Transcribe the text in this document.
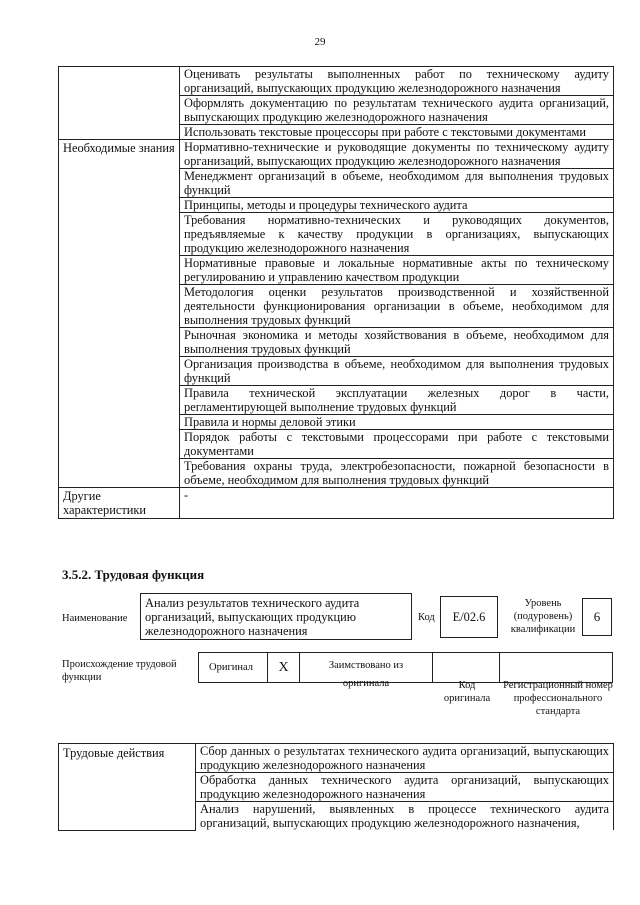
29
	Оценивать результаты выполненных работ по техническому аудиту организаций, выпускающих продукцию железнодорожного назначения
	Оформлять документацию по результатам технического аудита организаций, выпускающих продукцию железнодорожного назначения
	Использовать текстовые процессоры при работе с текстовыми документами
Необходимые знания	Нормативно-технические и руководящие документы по техническому аудиту организаций, выпускающих продукцию железнодорожного назначения
	Менеджмент организаций в объеме, необходимом для выполнения трудовых функций
	Принципы, методы и процедуры технического аудита
	Требования нормативно-технических и руководящих документов, предъявляемые к качеству продукции в организациях, выпускающих продукцию железнодорожного назначения
	Нормативные правовые и локальные нормативные акты по техническому регулированию и управлению качеством продукции
	Методология оценки результатов производственной и хозяйственной деятельности функционирования организации в объеме, необходимом для выполнения трудовых функций
	Рыночная экономика и методы хозяйствования в объеме, необходимом для выполнения трудовых функций
	Организация производства в объеме, необходимом для выполнения трудовых функций
	Правила технической эксплуатации железных дорог в части, регламентирующей выполнение трудовых функций
	Правила и нормы деловой этики
	Порядок работы с текстовыми процессорами при работе с текстовыми документами
	Требования охраны труда, электробезопасности, пожарной безопасности в объеме, необходимом для выполнения трудовых функций
Другие характеристики	-
3.5.2. Трудовая функция
Наименование
Анализ результатов технического аудита организаций, выпускающих продукцию железнодорожного назначения
Код E/02.6
Уровень (подуровень) квалификации
6
Происхождение трудовой функции
Оригинал X	Заимствовано из оригинала	Код оригинала
Регистрационный номер профессионального стандарта
Трудовые действия	Сбор данных о результатах технического аудита организаций, выпускающих продукцию железнодорожного назначения
Обработка данных технического аудита организаций, выпускающих продукцию железнодорожного назначения
Анализ нарушений, выявленных в процессе технического аудита организаций, выпускающих продукцию железнодорожного назначения,
